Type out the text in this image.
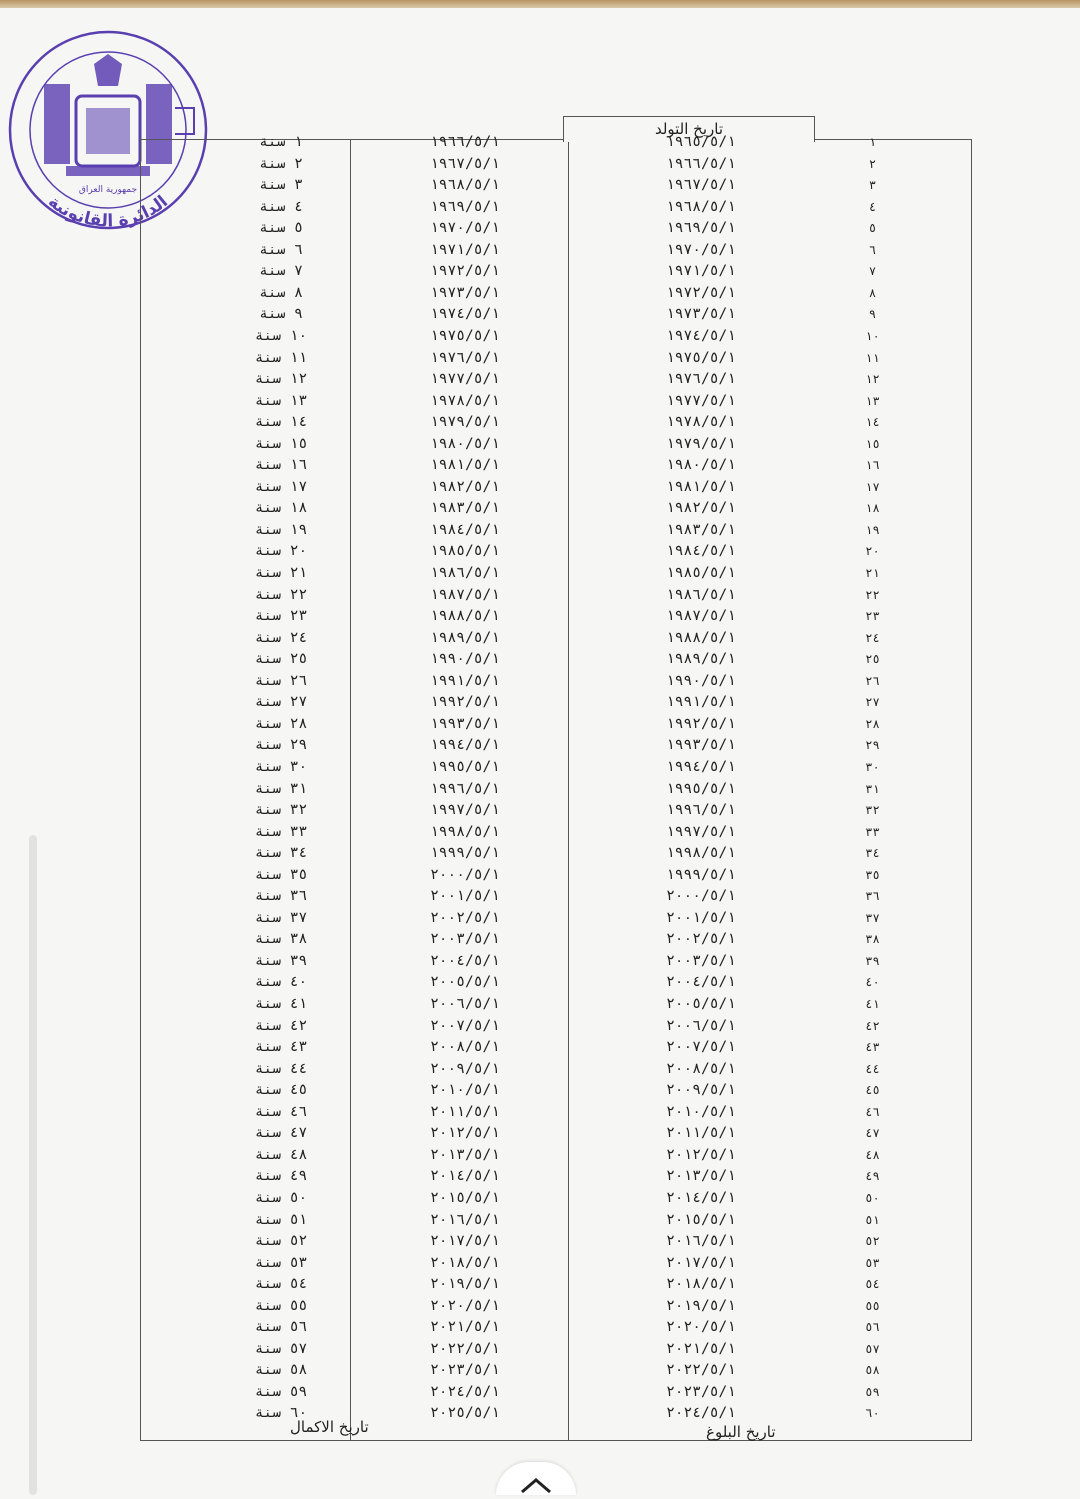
جمهورية العراق
الدائرة القانونية
تاريخ التولد
١ سنة	١٩٦٦/٥/١	١٩٦٥/٥/١	١
٢ سنة	١٩٦٧/٥/١	١٩٦٦/٥/١	٢
٣ سنة	١٩٦٨/٥/١	١٩٦٧/٥/١	٣
٤ سنة	١٩٦٩/٥/١	١٩٦٨/٥/١	٤
٥ سنة	١٩٧٠/٥/١	١٩٦٩/٥/١	٥
٦ سنة	١٩٧١/٥/١	١٩٧٠/٥/١	٦
٧ سنة	١٩٧٢/٥/١	١٩٧١/٥/١	٧
٨ سنة	١٩٧٣/٥/١	١٩٧٢/٥/١	٨
٩ سنة	١٩٧٤/٥/١	١٩٧٣/٥/١	٩
١٠ سنة	١٩٧٥/٥/١	١٩٧٤/٥/١	١٠
١١ سنة	١٩٧٦/٥/١	١٩٧٥/٥/١	١١
١٢ سنة	١٩٧٧/٥/١	١٩٧٦/٥/١	١٢
١٣ سنة	١٩٧٨/٥/١	١٩٧٧/٥/١	١٣
١٤ سنة	١٩٧٩/٥/١	١٩٧٨/٥/١	١٤
١٥ سنة	١٩٨٠/٥/١	١٩٧٩/٥/١	١٥
١٦ سنة	١٩٨١/٥/١	١٩٨٠/٥/١	١٦
١٧ سنة	١٩٨٢/٥/١	١٩٨١/٥/١	١٧
١٨ سنة	١٩٨٣/٥/١	١٩٨٢/٥/١	١٨
١٩ سنة	١٩٨٤/٥/١	١٩٨٣/٥/١	١٩
٢٠ سنة	١٩٨٥/٥/١	١٩٨٤/٥/١	٢٠
٢١ سنة	١٩٨٦/٥/١	١٩٨٥/٥/١	٢١
٢٢ سنة	١٩٨٧/٥/١	١٩٨٦/٥/١	٢٢
٢٣ سنة	١٩٨٨/٥/١	١٩٨٧/٥/١	٢٣
٢٤ سنة	١٩٨٩/٥/١	١٩٨٨/٥/١	٢٤
٢٥ سنة	١٩٩٠/٥/١	١٩٨٩/٥/١	٢٥
٢٦ سنة	١٩٩١/٥/١	١٩٩٠/٥/١	٢٦
٢٧ سنة	١٩٩٢/٥/١	١٩٩١/٥/١	٢٧
٢٨ سنة	١٩٩٣/٥/١	١٩٩٢/٥/١	٢٨
٢٩ سنة	١٩٩٤/٥/١	١٩٩٣/٥/١	٢٩
٣٠ سنة	١٩٩٥/٥/١	١٩٩٤/٥/١	٣٠
٣١ سنة	١٩٩٦/٥/١	١٩٩٥/٥/١	٣١
٣٢ سنة	١٩٩٧/٥/١	١٩٩٦/٥/١	٣٢
٣٣ سنة	١٩٩٨/٥/١	١٩٩٧/٥/١	٣٣
٣٤ سنة	١٩٩٩/٥/١	١٩٩٨/٥/١	٣٤
٣٥ سنة	٢٠٠٠/٥/١	١٩٩٩/٥/١	٣٥
٣٦ سنة	٢٠٠١/٥/١	٢٠٠٠/٥/١	٣٦
٣٧ سنة	٢٠٠٢/٥/١	٢٠٠١/٥/١	٣٧
٣٨ سنة	٢٠٠٣/٥/١	٢٠٠٢/٥/١	٣٨
٣٩ سنة	٢٠٠٤/٥/١	٢٠٠٣/٥/١	٣٩
٤٠ سنة	٢٠٠٥/٥/١	٢٠٠٤/٥/١	٤٠
٤١ سنة	٢٠٠٦/٥/١	٢٠٠٥/٥/١	٤١
٤٢ سنة	٢٠٠٧/٥/١	٢٠٠٦/٥/١	٤٢
٤٣ سنة	٢٠٠٨/٥/١	٢٠٠٧/٥/١	٤٣
٤٤ سنة	٢٠٠٩/٥/١	٢٠٠٨/٥/١	٤٤
٤٥ سنة	٢٠١٠/٥/١	٢٠٠٩/٥/١	٤٥
٤٦ سنة	٢٠١١/٥/١	٢٠١٠/٥/١	٤٦
٤٧ سنة	٢٠١٢/٥/١	٢٠١١/٥/١	٤٧
٤٨ سنة	٢٠١٣/٥/١	٢٠١٢/٥/١	٤٨
٤٩ سنة	٢٠١٤/٥/١	٢٠١٣/٥/١	٤٩
٥٠ سنة	٢٠١٥/٥/١	٢٠١٤/٥/١	٥٠
٥١ سنة	٢٠١٦/٥/١	٢٠١٥/٥/١	٥١
٥٢ سنة	٢٠١٧/٥/١	٢٠١٦/٥/١	٥٢
٥٣ سنة	٢٠١٨/٥/١	٢٠١٧/٥/١	٥٣
٥٤ سنة	٢٠١٩/٥/١	٢٠١٨/٥/١	٥٤
٥٥ سنة	٢٠٢٠/٥/١	٢٠١٩/٥/١	٥٥
٥٦ سنة	٢٠٢١/٥/١	٢٠٢٠/٥/١	٥٦
٥٧ سنة	٢٠٢٢/٥/١	٢٠٢١/٥/١	٥٧
٥٨ سنة	٢٠٢٣/٥/١	٢٠٢٢/٥/١	٥٨
٥٩ سنة	٢٠٢٤/٥/١	٢٠٢٣/٥/١	٥٩
٦٠ سنة	٢٠٢٥/٥/١	٢٠٢٤/٥/١	٦٠
تاريخ البلوغ
تاريخ الاكمال
